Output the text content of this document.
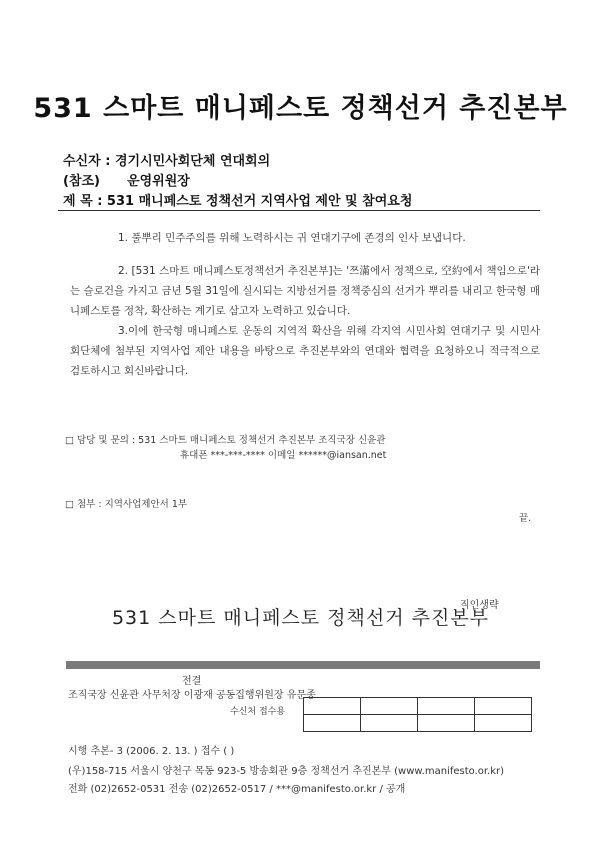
531 스마트 매니페스토 정책선거 추진본부
수신자 : 경기시민사회단체 연대회의
(참조) 운영위원장
제 목 : 531 매니페스토 정책선거 지역사업 제안 및 참여요청
1. 풀뿌리 민주주의를 위해 노력하시는 귀 연대기구에 존경의 인사 보냅니다.
2. [531 스마트 매니페스토정책선거 추진본부]는 '쯔滿에서 정책으로, 空約에서 책임으로'라는 슬로건을 가지고 금년 5월 31일에 실시되는 지방선거를 정책중심의 선거가 뿌리를 내리고 한국형 매니페스토를 정착, 확산하는 계기로 삼고자 노력하고 있습니다.
3.이에 한국형 매니페스토 운동의 지역적 확산을 위해 각지역 시민사회 연대기구 및 시민사회단체에 첨부된 지역사업 제안 내용을 바탕으로 추진본부와의 연대와 협력을 요청하오니 적극적으로 검토하시고 회신바랍니다.
□ 담당 및 문의 : 531 스마트 매니페스토 정책선거 추진본부 조직국장 신윤관
휴대폰 ***-***-**** 이메일 ******@iansan.net
□ 첨부 : 지역사업제안서 1부
끝.
531 스마트 매니페스토 정책선거 추진본부
직인생략
전결
조직국장 신윤관 사무처장 이광재 공동집행위원장 유문종
수신처 접수용

시행 추본- 3 (2006. 2. 13. ) 접수 ( )
(우)158-715 서울시 양천구 목동 923-5 방송회관 9층 정책선거 추진본부 (www.manifesto.or.kr)
전화 (02)2652-0531 전송 (02)2652-0517 / ***@manifesto.or.kr / 공개
